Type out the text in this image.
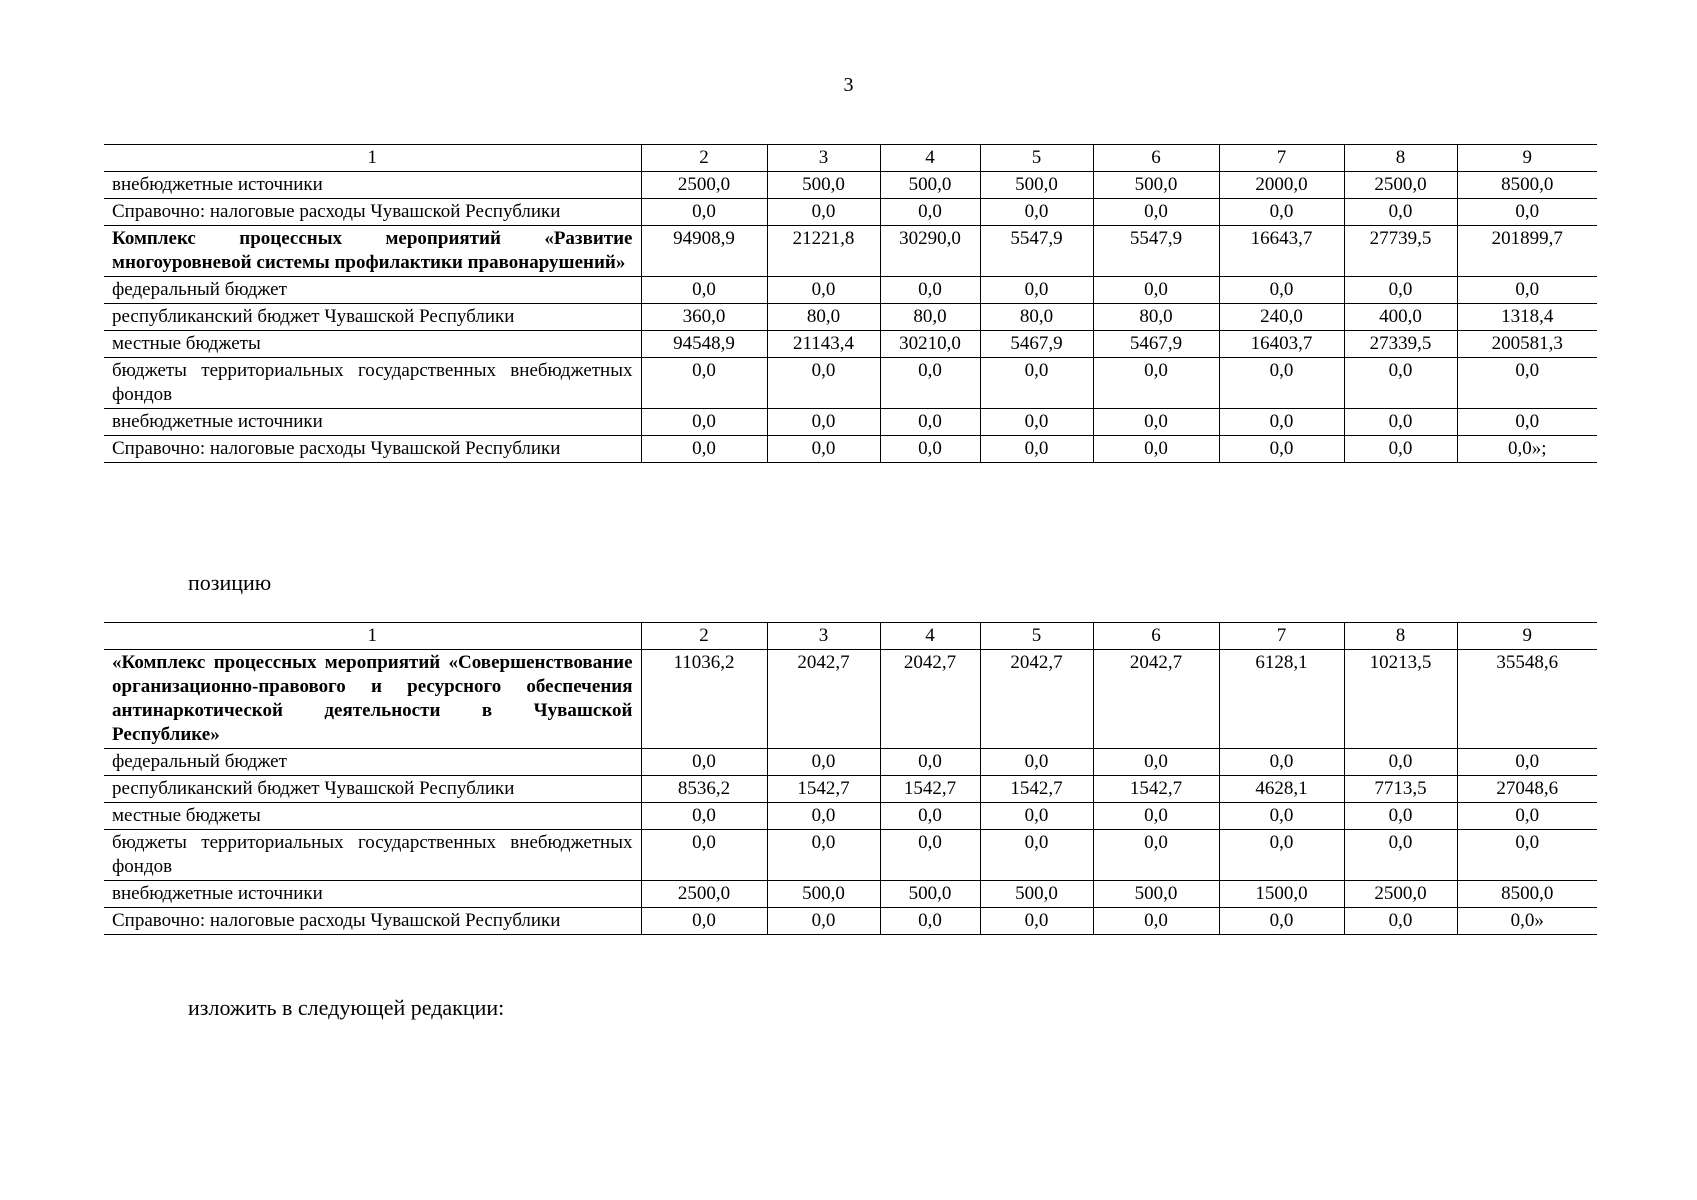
3
1	2	3	4	5	6	7	8	9
внебюджетные источники	2500,0	500,0	500,0	500,0	500,0	2000,0	2500,0	8500,0
Справочно: налоговые расходы Чувашской Республики	0,0	0,0	0,0	0,0	0,0	0,0	0,0	0,0
Комплекс процессных мероприятий «Развитие многоуровневой системы профилактики правонарушений»	94908,9	21221,8	30290,0	5547,9	5547,9	16643,7	27739,5	201899,7
федеральный бюджет	0,0	0,0	0,0	0,0	0,0	0,0	0,0	0,0
республиканский бюджет Чувашской Республики	360,0	80,0	80,0	80,0	80,0	240,0	400,0	1318,4
местные бюджеты	94548,9	21143,4	30210,0	5467,9	5467,9	16403,7	27339,5	200581,3
бюджеты территориальных государственных внебюджетных фондов	0,0	0,0	0,0	0,0	0,0	0,0	0,0	0,0
внебюджетные источники	0,0	0,0	0,0	0,0	0,0	0,0	0,0	0,0
Справочно: налоговые расходы Чувашской Республики	0,0	0,0	0,0	0,0	0,0	0,0	0,0	0,0»;
позицию
1	2	3	4	5	6	7	8	9
«Комплекс процессных мероприятий «Совершенствование организационно-правового и ресурсного обеспечения антинаркотической деятельности в Чувашской Республике»	11036,2	2042,7	2042,7	2042,7	2042,7	6128,1	10213,5	35548,6
федеральный бюджет	0,0	0,0	0,0	0,0	0,0	0,0	0,0	0,0
республиканский бюджет Чувашской Республики	8536,2	1542,7	1542,7	1542,7	1542,7	4628,1	7713,5	27048,6
местные бюджеты	0,0	0,0	0,0	0,0	0,0	0,0	0,0	0,0
бюджеты территориальных государственных внебюджетных фондов	0,0	0,0	0,0	0,0	0,0	0,0	0,0	0,0
внебюджетные источники	2500,0	500,0	500,0	500,0	500,0	1500,0	2500,0	8500,0
Справочно: налоговые расходы Чувашской Республики	0,0	0,0	0,0	0,0	0,0	0,0	0,0	0,0»
изложить в следующей редакции:
